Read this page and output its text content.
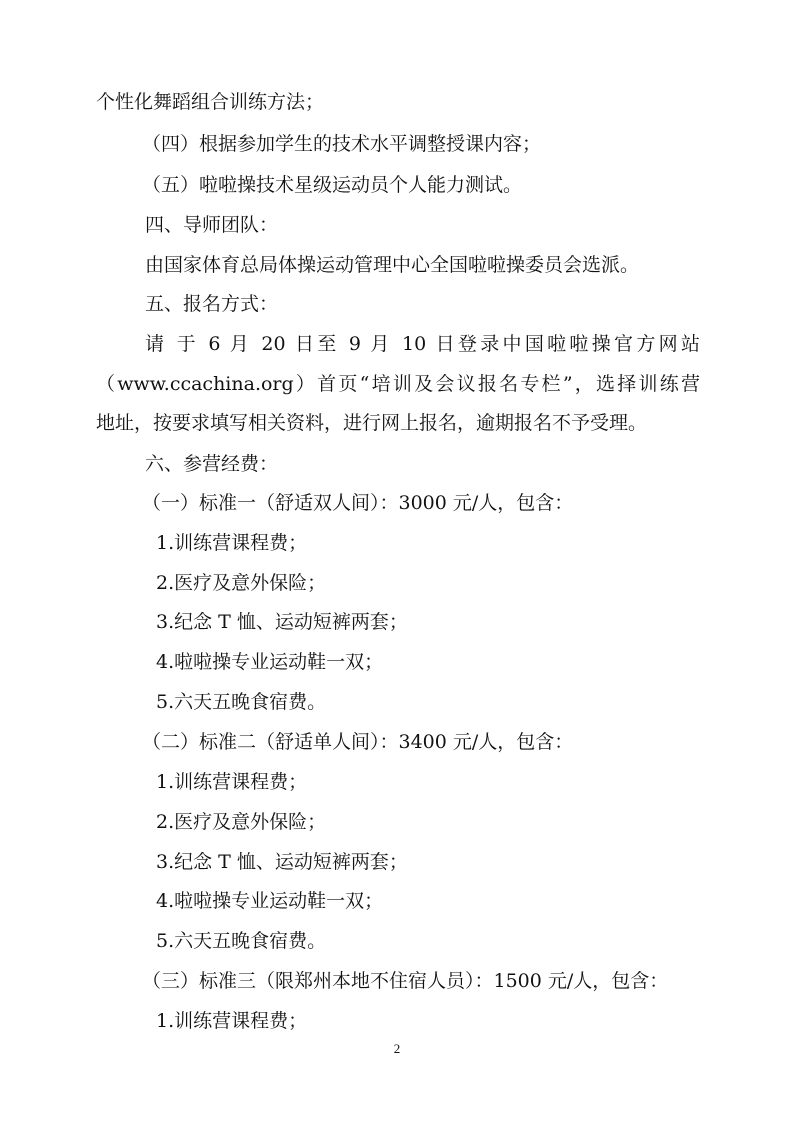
个性化舞蹈组合训练方法；
（四）根据参加学生的技术水平调整授课内容；
（五）啦啦操技术星级运动员个人能力测试。
四、导师团队：
由国家体育总局体操运动管理中心全国啦啦操委员会选派。
五、报名方式：
请 于 6 月 20 日至 9 月 10 日登录中国啦啦操官方网站
（www.ccachina.org）首页“培训及会议报名专栏”，选择训练营
地址，按要求填写相关资料，进行网上报名，逾期报名不予受理。
六、参营经费：
（一）标准一（舒适双人间）：3000 元/人，包含：
1.训练营课程费；
2.医疗及意外保险；
3.纪念 T 恤、运动短裤两套；
4.啦啦操专业运动鞋一双；
5.六天五晚食宿费。
（二）标准二（舒适单人间）：3400 元/人，包含：
1.训练营课程费；
2.医疗及意外保险；
3.纪念 T 恤、运动短裤两套；
4.啦啦操专业运动鞋一双；
5.六天五晚食宿费。
（三）标准三（限郑州本地不住宿人员）：1500 元/人，包含：
1.训练营课程费；
2
